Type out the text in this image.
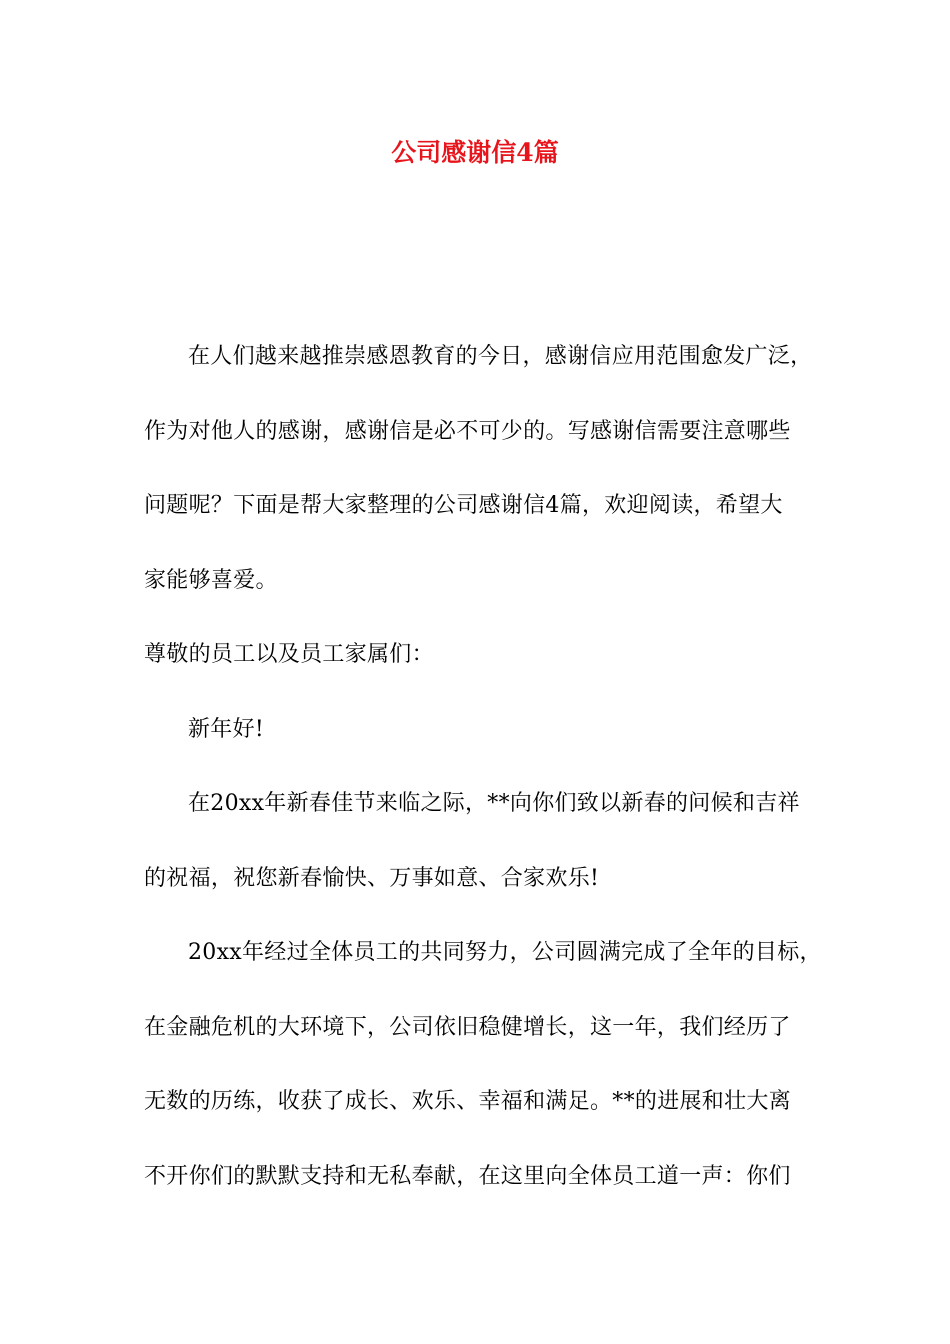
公司感谢信4篇
在人们越来越推崇感恩教育的今日，感谢信应用范围愈发广泛，
作为对他人的感谢，感谢信是必不可少的。写感谢信需要注意哪些
问题呢？下面是帮大家整理的公司感谢信4篇，欢迎阅读，希望大
家能够喜爱。
尊敬的员工以及员工家属们：
新年好!
在20xx年新春佳节来临之际，**向你们致以新春的问候和吉祥
的祝福，祝您新春愉快、万事如意、合家欢乐!
20xx年经过全体员工的共同努力，公司圆满完成了全年的目标，
在金融危机的大环境下，公司依旧稳健增长，这一年，我们经历了
无数的历练，收获了成长、欢乐、幸福和满足。**的进展和壮大离
不开你们的默默支持和无私奉献，在这里向全体员工道一声：你们
